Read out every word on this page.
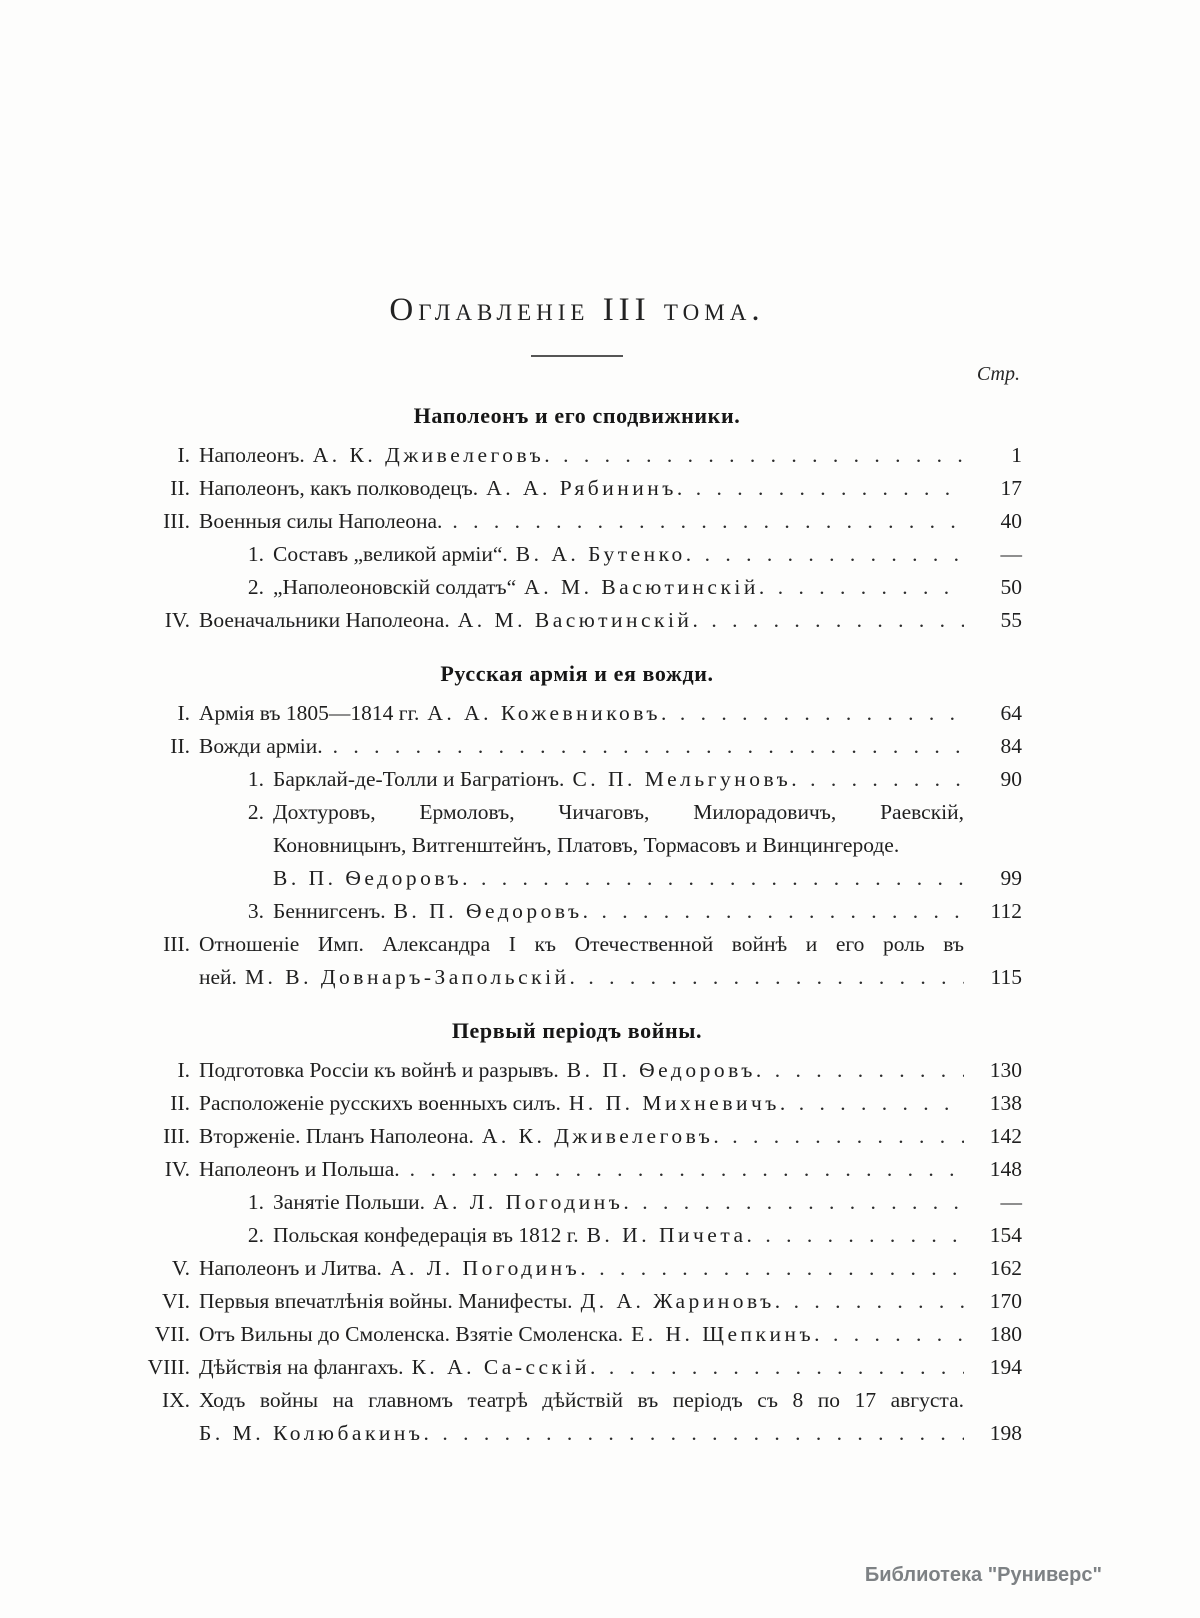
Оглавленіе III тома.
Стр.
Наполеонъ и его сподвижники.
I. Наполеонъ. А. К. Дживелеговъ. . . .	1
II. Наполеонъ, какъ полководецъ. А. А. Рябининъ. . . .	17
III. Военныя силы Наполеона. . . .	40
1. Составъ „великой арміи“. В. А. Бутенко. . . .	—
2. „Наполеоновскій солдатъ“ А. М. Васютинскій. . . .	50
IV. Военачальники Наполеона. А. М. Васютинскій. . . .	55
Русская армія и ея вожди.
I. Армія въ 1805—1814 гг. А. А. Кожевниковъ. . . .	64
II. Вожди арміи. . . .	84
1. Барклай-де-Толли и Багратіонъ. С. П. Мельгуновъ. . . .	90
2. Дохтуровъ, Ермоловъ, Чичаговъ, Милорадовичъ, Раевскій,
Коновницынъ, Витгенштейнъ, Платовъ, Тормасовъ и Винцингероде.
В. П. Ѳедоровъ. . . .	99
3. Беннигсенъ. В. П. Ѳедоровъ. . . .	112
III. Отношеніе Имп. Александра I къ Отечественной войнѣ и его роль въ
ней. М. В. Довнаръ-Запольскій. . . .	115
Первый періодъ войны.
I. Подготовка Россіи къ войнѣ и разрывъ. В. П. Ѳедоровъ. . . .	130
II. Расположеніе русскихъ военныхъ силъ. Н. П. Михневичъ. . . .	138
III. Вторженіе. Планъ Наполеона. А. К. Дживелеговъ. . . .	142
IV. Наполеонъ и Польша. . . .	148
1. Занятіе Польши. А. Л. Погодинъ. . . .	—
2. Польская конфедерація въ 1812 г. В. И. Пичета. . . .	154
V. Наполеонъ и Литва. А. Л. Погодинъ. . . .	162
VI. Первыя впечатлѣнія войны. Манифесты. Д. А. Жариновъ. . . .	170
VII. Отъ Вильны до Смоленска. Взятіе Смоленска. Е. Н. Щепкинъ. . . .	180
VIII. Дѣйствія на флангахъ. К. А. Са-сскій. . . .	194
IX. Ходъ войны на главномъ театрѣ дѣйствій въ періодъ съ 8 по 17 августа.
Б. М. Колюбакинъ. . . .	198
Библиотека "Руниверс"
